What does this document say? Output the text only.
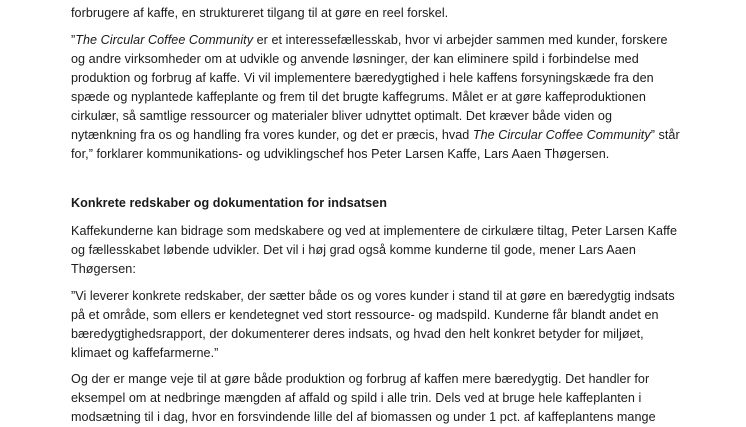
forbrugere af kaffe, en struktureret tilgang til at gøre en reel forskel.

”The Circular Coffee Community er et interessefællesskab, hvor vi arbejder sammen med kunder, forskere
og andre virksomheder om at udvikle og anvende løsninger, der kan eliminere spild i forbindelse med
produktion og forbrug af kaffe. Vi vil implementere bæredygtighed i hele kaffens forsyningskæde fra den
spæde og nyplantede kaffeplante og frem til det brugte kaffegrums. Målet er at gøre kaffeproduktionen
cirkulær, så samtlige ressourcer og materialer bliver udnyttet optimalt. Det kræver både viden og
nytænkning fra os og handling fra vores kunder, og det er præcis, hvad The Circular Coffee Community” står
for,” forklarer kommunikations- og udviklingschef hos Peter Larsen Kaffe, Lars Aaen Thøgersen.

Konkrete redskaber og dokumentation for indsatsen

Kaffekunderne kan bidrage som medskabere og ved at implementere de cirkulære tiltag, Peter Larsen Kaffe
og fællesskabet løbende udvikler. Det vil i høj grad også komme kunderne til gode, mener Lars Aaen
Thøgersen:

”Vi leverer konkrete redskaber, der sætter både os og vores kunder i stand til at gøre en bæredygtig indsats
på et område, som ellers er kendetegnet ved stort ressource- og madspild. Kunderne får blandt andet en
bæredygtighedsrapport, der dokumenterer deres indsats, og hvad den helt konkret betyder for miljøet,
klimaet og kaffefarmerne.”

Og der er mange veje til at gøre både produktion og forbrug af kaffen mere bæredygtig. Det handler for
eksempel om at nedbringe mængden af affald og spild i alle trin. Dels ved at bruge hele kaffeplanten i
modsætning til i dag, hvor en forsvindende lille del af biomassen og under 1 pct. af kaffeplantens mange
